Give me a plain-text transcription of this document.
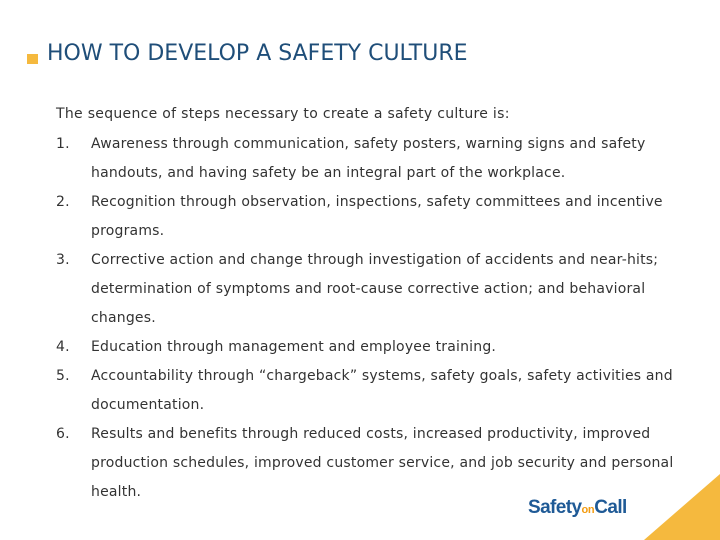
HOW TO DEVELOP A SAFETY CULTURE
The sequence of steps necessary to create a safety culture is:
1.	Awareness through communication, safety posters, warning signs and safety handouts, and having safety be an integral part of the workplace.
2.	Recognition through observation, inspections, safety committees and incentive programs.
3.	Corrective action and change through investigation of accidents and near-hits; determination of symptoms and root-cause corrective action; and behavioral changes.
4.	Education through management and employee training.
5.	Accountability through “chargeback” systems, safety goals, safety activities and documentation.
6.	Results and benefits through reduced costs, increased productivity, improved production schedules, improved customer service, and job security and personal health.
SafetyonCall
